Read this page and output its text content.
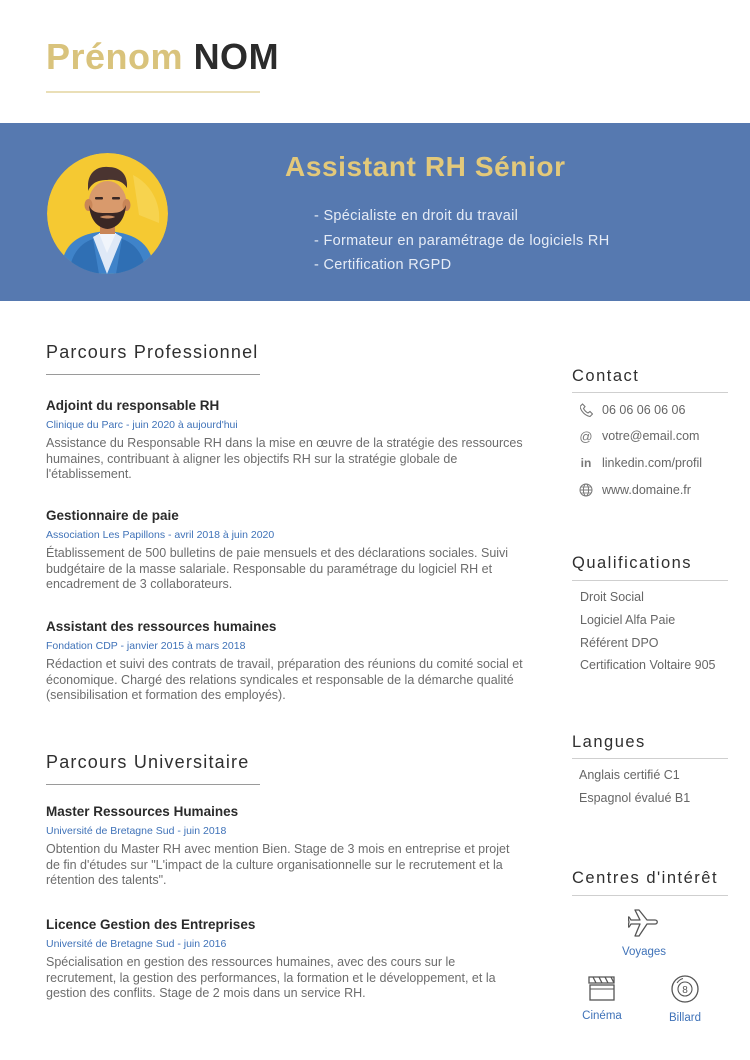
Prénom NOM
Assistant RH Sénior
- Spécialiste en droit du travail
- Formateur en paramétrage de logiciels RH
- Certification RGPD
Parcours Professionnel
Adjoint du responsable RH
Clinique du Parc - juin 2020 à aujourd'hui
Assistance du Responsable RH dans la mise en œuvre de la stratégie des ressources humaines, contribuant à aligner les objectifs RH sur la stratégie globale de l'établissement.
Gestionnaire de paie
Association Les Papillons - avril 2018 à juin 2020
Établissement de 500 bulletins de paie mensuels et des déclarations sociales. Suivi budgétaire de la masse salariale. Responsable du paramétrage du logiciel RH et encadrement de 3 collaborateurs.
Assistant des ressources humaines
Fondation CDP - janvier 2015 à mars 2018
Rédaction et suivi des contrats de travail, préparation des réunions du comité social et économique. Chargé des relations syndicales et responsable de la démarche qualité (sensibilisation et formation des employés).
Parcours Universitaire
Master Ressources Humaines
Université de Bretagne Sud - juin 2018
Obtention du Master RH avec mention Bien. Stage de 3 mois en entreprise et projet de fin d'études sur "L'impact de la culture organisationnelle sur le recrutement et la rétention des talents".
Licence Gestion des Entreprises
Université de Bretagne Sud - juin 2016
Spécialisation en gestion des ressources humaines, avec des cours sur le recrutement, la gestion des performances, la formation et le développement, et la gestion des conflits. Stage de 2 mois dans un service RH.
Contact
06 06 06 06 06
@ votre@email.com
in linkedin.com/profil
www.domaine.fr
Qualifications
Droit Social
Logiciel Alfa Paie
Référent DPO
Certification Voltaire 905
Langues
Anglais certifié C1
Espagnol évalué B1
Centres d'intérêt
Voyages
Cinéma
8
Billard
